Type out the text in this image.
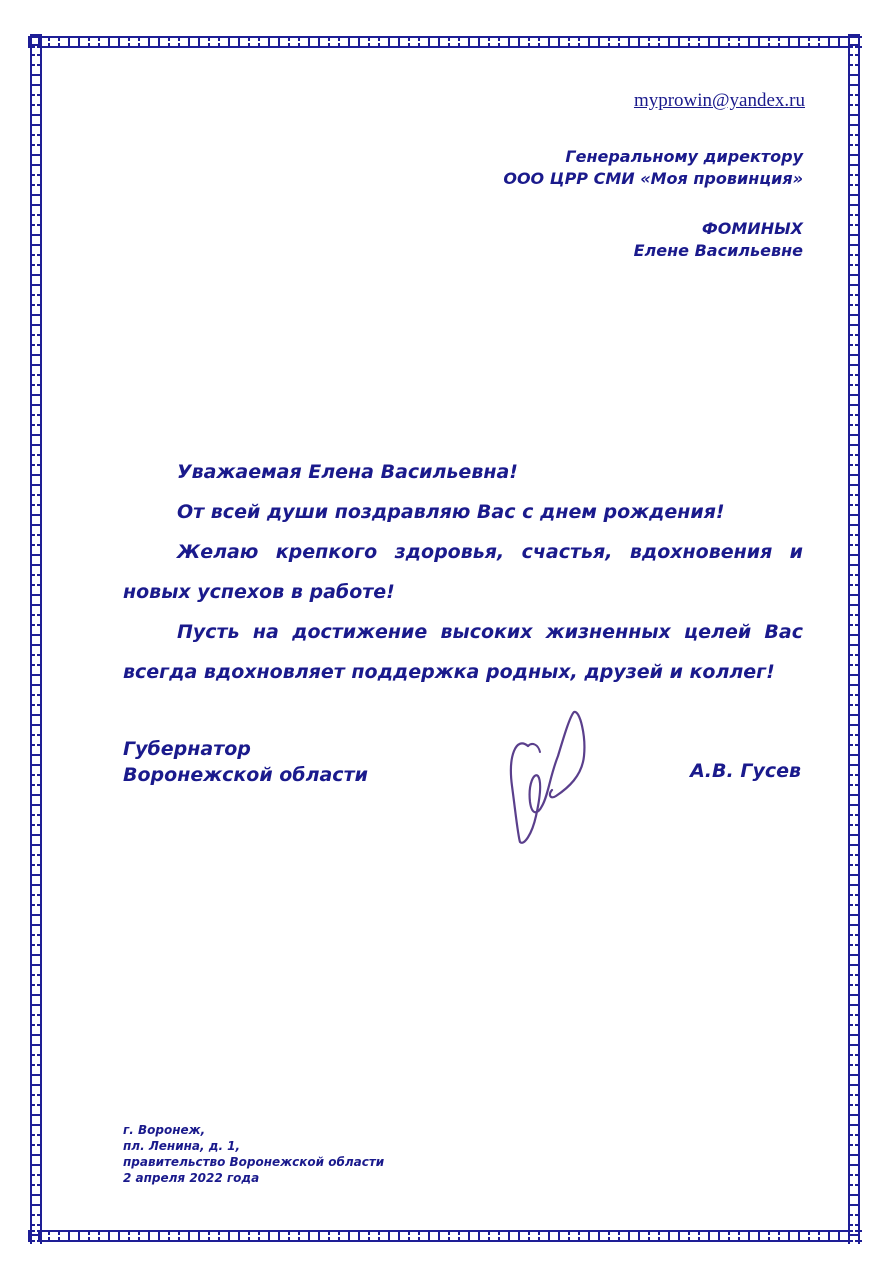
myprowin@yandex.ru
Генеральному директору
ООО ЦРР СМИ «Моя провинция»
ФОМИНЫХ
Елене Васильевне

Уважаемая Елена Васильевна!

От всей души поздравляю Вас с днем рождения!

Желаю крепкого здоровья, счастья, вдохновения и новых успехов в работе!

Пусть на достижение высоких жизненных целей Вас всегда вдохновляет поддержка родных, друзей и коллег!

Губернатор
Воронежской области	А.В. Гусев
г. Воронеж,
пл. Ленина, д. 1,
правительство Воронежской области
2 апреля 2022 года
